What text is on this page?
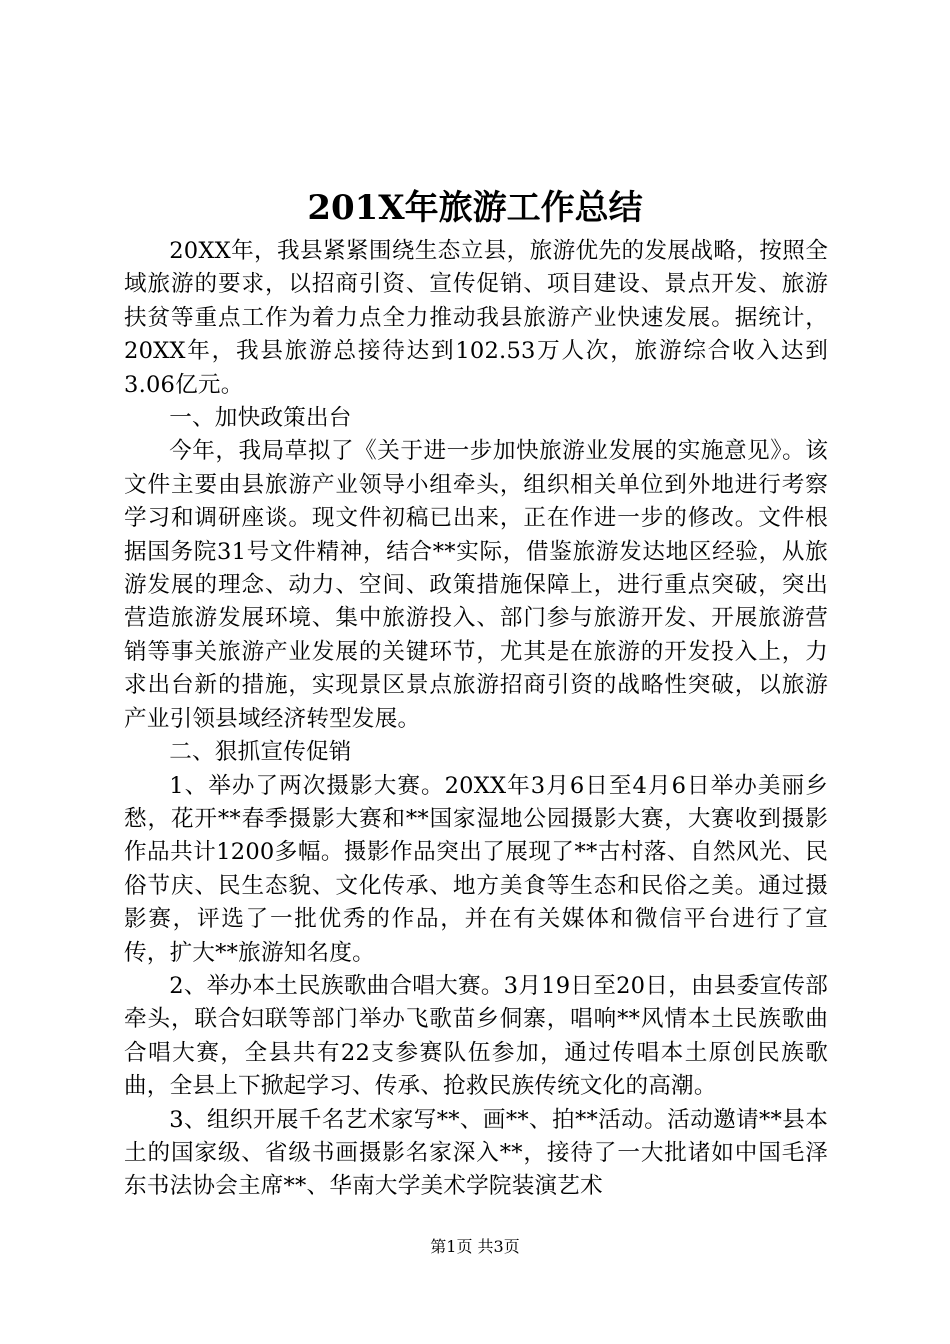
201X年旅游工作总结

20XX年，我县紧紧围绕生态立县，旅游优先的发展战略，按照全域旅游的要求，以招商引资、宣传促销、项目建设、景点开发、旅游扶贫等重点工作为着力点全力推动我县旅游产业快速发展。据统计，20XX年，我县旅游总接待达到102.53万人次，旅游综合收入达到3.06亿元。

一、加快政策出台

今年，我局草拟了《关于进一步加快旅游业发展的实施意见》。该文件主要由县旅游产业领导小组牵头，组织相关单位到外地进行考察学习和调研座谈。现文件初稿已出来，正在作进一步的修改。文件根据国务院31号文件精神，结合**实际，借鉴旅游发达地区经验，从旅游发展的理念、动力、空间、政策措施保障上，进行重点突破，突出营造旅游发展环境、集中旅游投入、部门参与旅游开发、开展旅游营销等事关旅游产业发展的关键环节，尤其是在旅游的开发投入上，力求出台新的措施，实现景区景点旅游招商引资的战略性突破，以旅游产业引领县域经济转型发展。

二、狠抓宣传促销

1、举办了两次摄影大赛。20XX年3月6日至4月6日举办美丽乡愁，花开**春季摄影大赛和**国家湿地公园摄影大赛，大赛收到摄影作品共计1200多幅。摄影作品突出了展现了**古村落、自然风光、民俗节庆、民生态貌、文化传承、地方美食等生态和民俗之美。通过摄影赛，评选了一批优秀的作品，并在有关媒体和微信平台进行了宣传，扩大**旅游知名度。

2、举办本土民族歌曲合唱大赛。3月19日至20日，由县委宣传部牵头，联合妇联等部门举办飞歌苗乡侗寨，唱响**风情本土民族歌曲合唱大赛，全县共有22支参赛队伍参加，通过传唱本土原创民族歌曲，全县上下掀起学习、传承、抢救民族传统文化的高潮。

3、组织开展千名艺术家写**、画**、拍**活动。活动邀请**县本土的国家级、省级书画摄影名家深入**，接待了一大批诸如中国毛泽东书法协会主席**、华南大学美术学院装演艺术

第1页 共3页
